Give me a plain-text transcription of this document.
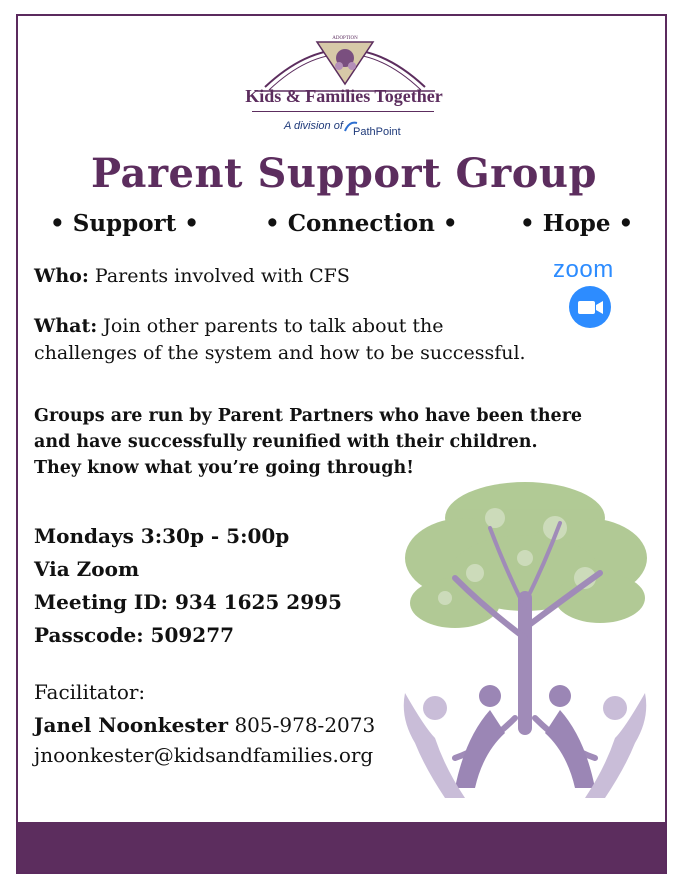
ADOPTION
Kids & Families Together
A division of PathPoint
Parent Support Group
• Support •	• Connection •	• Hope •
Who: Parents involved with CFS	zoom
What: Join other parents to talk about the
challenges of the system and how to be successful.
Groups are run by Parent Partners who have been there
and have successfully reunified with their children.
They know what you’re going through!
Mondays 3:30p - 5:00p
Via Zoom
Meeting ID: 934 1625 2995
Passcode: 509277
Facilitator:
Janel Noonkester 805-978-2073
jnoonkester@kidsandfamilies.org
